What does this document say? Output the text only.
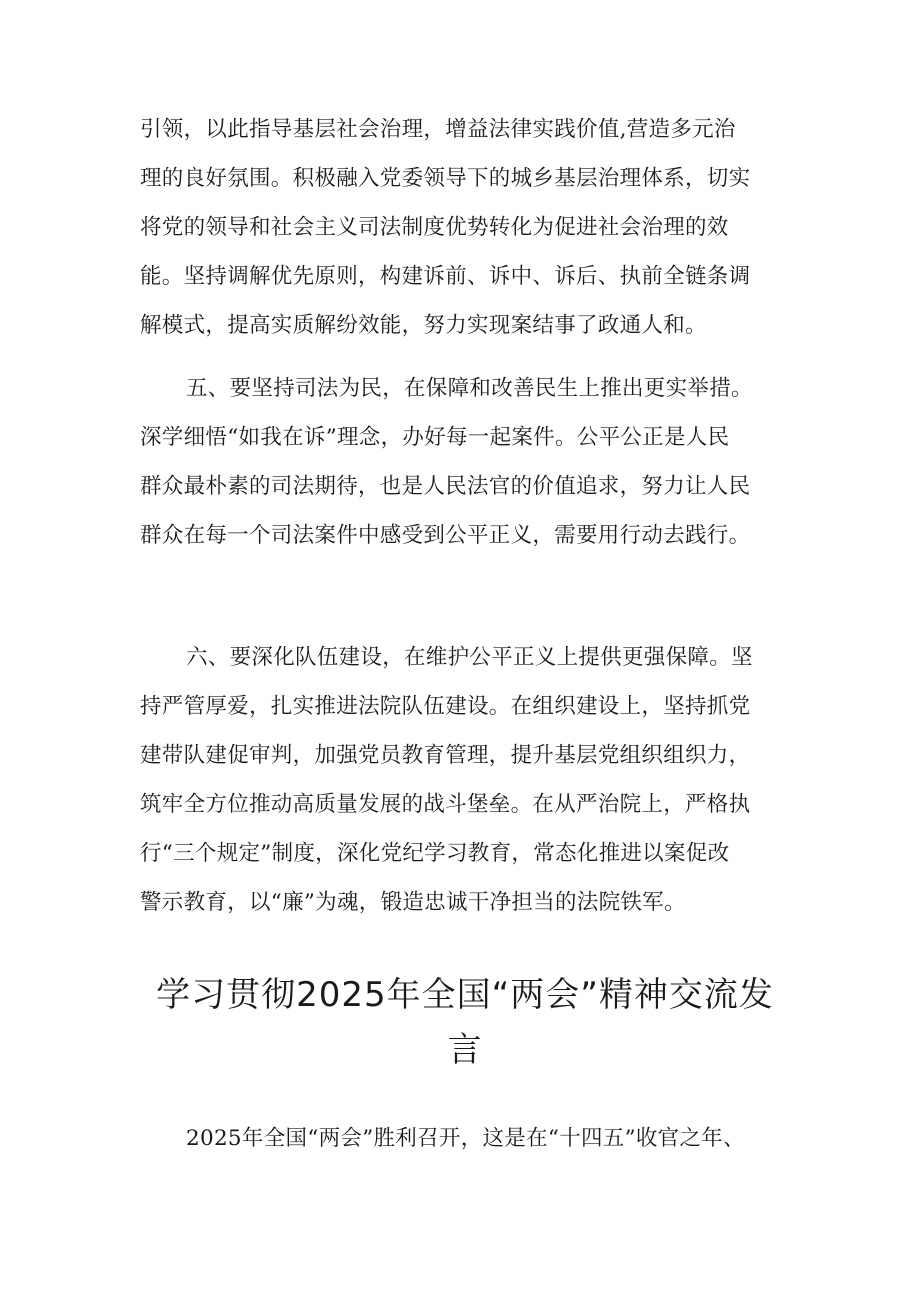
引领，以此指导基层社会治理，增益法律实践价值,营造多元治
理的良好氛围。积极融入党委领导下的城乡基层治理体系，切实
将党的领导和社会主义司法制度优势转化为促进社会治理的效
能。坚持调解优先原则，构建诉前、诉中、诉后、执前全链条调
解模式，提高实质解纷效能，努力实现案结事了政通人和。
五、要坚持司法为民，在保障和改善民生上推出更实举措。
深学细悟“如我在诉”理念，办好每一起案件。公平公正是人民
群众最朴素的司法期待，也是人民法官的价值追求，努力让人民
群众在每一个司法案件中感受到公平正义，需要用行动去践行。
六、要深化队伍建设，在维护公平正义上提供更强保障。坚
持严管厚爱，扎实推进法院队伍建设。在组织建设上，坚持抓党
建带队建促审判，加强党员教育管理，提升基层党组织组织力，
筑牢全方位推动高质量发展的战斗堡垒。在从严治院上，严格执
行“三个规定”制度，深化党纪学习教育，常态化推进以案促改
警示教育，以“廉”为魂，锻造忠诚干净担当的法院铁军。
学习贯彻2025年全国“两会”精神交流发
言
2025年全国“两会”胜利召开，这是在“十四五”收官之年、
